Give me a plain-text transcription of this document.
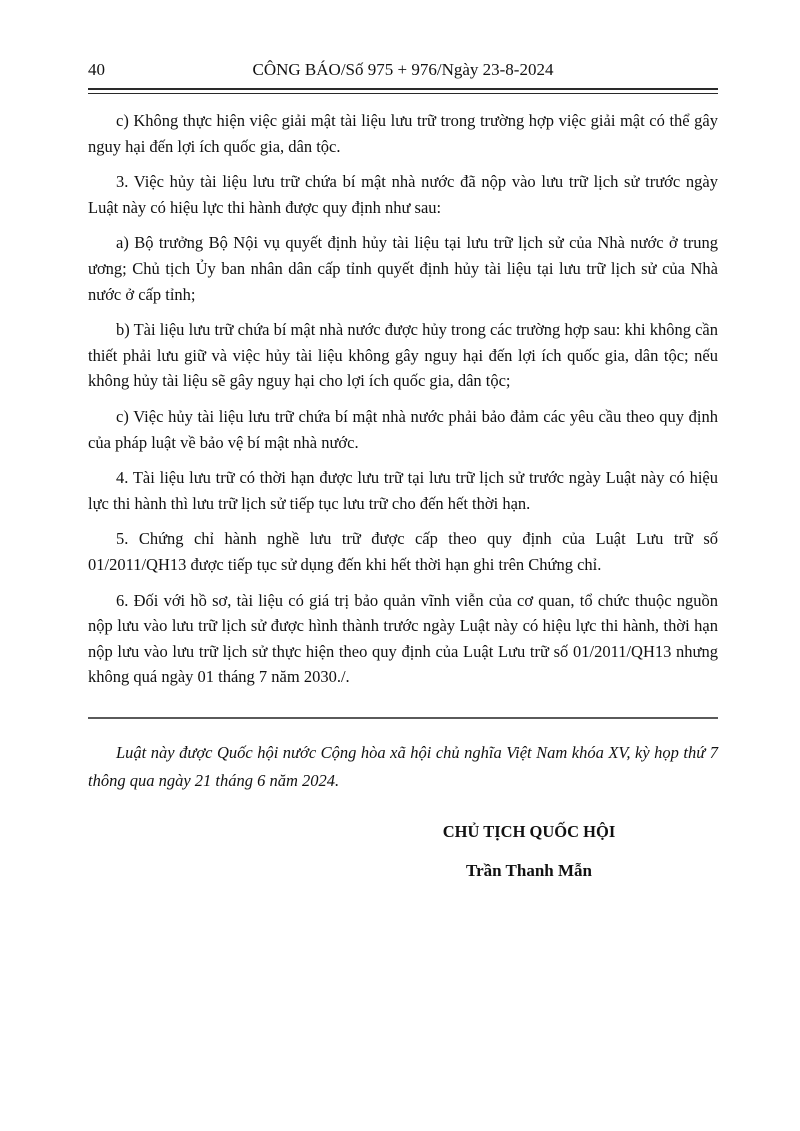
40	CÔNG BÁO/Số 975 + 976/Ngày 23-8-2024

c) Không thực hiện việc giải mật tài liệu lưu trữ trong trường hợp việc giải mật có thể gây nguy hại đến lợi ích quốc gia, dân tộc.

3. Việc hủy tài liệu lưu trữ chứa bí mật nhà nước đã nộp vào lưu trữ lịch sử trước ngày Luật này có hiệu lực thi hành được quy định như sau:

a) Bộ trưởng Bộ Nội vụ quyết định hủy tài liệu tại lưu trữ lịch sử của Nhà nước ở trung ương; Chủ tịch Ủy ban nhân dân cấp tỉnh quyết định hủy tài liệu tại lưu trữ lịch sử của Nhà nước ở cấp tỉnh;

b) Tài liệu lưu trữ chứa bí mật nhà nước được hủy trong các trường hợp sau: khi không cần thiết phải lưu giữ và việc hủy tài liệu không gây nguy hại đến lợi ích quốc gia, dân tộc; nếu không hủy tài liệu sẽ gây nguy hại cho lợi ích quốc gia, dân tộc;

c) Việc hủy tài liệu lưu trữ chứa bí mật nhà nước phải bảo đảm các yêu cầu theo quy định của pháp luật về bảo vệ bí mật nhà nước.

4. Tài liệu lưu trữ có thời hạn được lưu trữ tại lưu trữ lịch sử trước ngày Luật này có hiệu lực thi hành thì lưu trữ lịch sử tiếp tục lưu trữ cho đến hết thời hạn.

5. Chứng chỉ hành nghề lưu trữ được cấp theo quy định của Luật Lưu trữ số 01/2011/QH13 được tiếp tục sử dụng đến khi hết thời hạn ghi trên Chứng chỉ.

6. Đối với hồ sơ, tài liệu có giá trị bảo quản vĩnh viễn của cơ quan, tổ chức thuộc nguồn nộp lưu vào lưu trữ lịch sử được hình thành trước ngày Luật này có hiệu lực thi hành, thời hạn nộp lưu vào lưu trữ lịch sử thực hiện theo quy định của Luật Lưu trữ số 01/2011/QH13 nhưng không quá ngày 01 tháng 7 năm 2030./.

Luật này được Quốc hội nước Cộng hòa xã hội chủ nghĩa Việt Nam khóa XV, kỳ họp thứ 7 thông qua ngày 21 tháng 6 năm 2024.

CHỦ TỊCH QUỐC HỘI
Trần Thanh Mẫn
